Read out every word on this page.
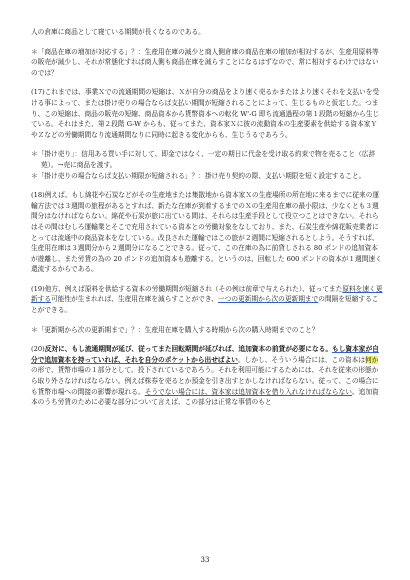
人の倉庫に商品として寝ている期間が長くなるのである。

＊「商品在庫の増加が対応する」？：生産用在庫の減少と商人側倉庫の商品在庫の増加が相対するが、生産用原料等の販売が減少し、それが常態化すれば商人側も商品在庫を減らすことになるはずなので、常に相対するわけではないのでは？

(17)これまでは、事業Ｘでの流通期間の短縮は、Ｘが自分の商品をより速く売るかまたはより速くそれを支払いを受ける事によって、または掛け売りの場合ならば支払い期間が短縮されることによって、生じるものと仮定した。つまり、この短縮は、商品の販売の短縮、商品資本から貨幣資本への転化 W'-G 即ち流通過程の第１段階の短縮から生じている。それはまた、第２段階 G-W からも、従ってまた、資本家Ｘに彼の流動資本の生産要素を供給する資本家ＹやＺなどの労働期間なり流通期間なりに同時に起きる変化からも、生じうるであろう。

＊「掛け売り」：信用ある買い手に対して、即金ではなく、一定の期日に代金を受け取る約束で物を売ること（広辞苑）。→売に商品を渡す。

＊「掛け売りの場合ならば支払い期限が短縮される」？：掛け売り契約の際、支払い期限を短く設定すること。

(18)例えば、もし綿花や石炭などがその生産地または集散地から資本家Ｘの生産場所の所在地に来るまでに従来の運輸方法では３週間の旅程があるとすれば、新たな在庫が到着するまでのＸの生産用在庫の最小限は、少なくとも３週間分はなければならない。綿花や石炭が旅に出ている間は、それらは生産手段として役立つことはできない。それらはその間はむしろ運輸業とそこで充用されている資本との労働対象をなしており、また、石炭生産や綿花販売業者にとっては流通中の商品資本をなしている。改良された運輸ではこの旅が２週間に短縮されるとしよう。そうすれば、生産用在庫は３週間分から２週間分になることできる。従って、この在庫の為に前貸しされる 80 ポンドの追加資本が遊離し、また労賃の為の 20 ポンドの追加資本も遊離する。というのは、回転した 600 ポンドの資本が１週間速く還流するからである。

(19)他方、例えば原料を供給する資本の労働期間が短縮され（その例は前章で与えられた）、従ってまた原料を速く更新する可能性が生まれれば、生産用在庫を減らすことができ、一つの更新期から次の更新期までの間隔を短縮することができる。

＊「更新期から次の更新期まで」？：生産用在庫を購入する時期から次の購入時期までのこと？

(20)反対に、もし流通期間が延び、従ってまた回転期間が延びれば、追加資本の前貸が必要になる。もし資本家が自分で追加資本を持っていれば、それを自分のポケットから出せばよい。しかし、そういう場合には、この資本は何かの形で、貨幣市場の１部分として、投下されているであろう。それを利用可能にするためには、それを従来の形態から取り外さなければならない。例えば株券を売るとか預金を引き出すとかしなければならない。従って、この場合にも貨幣市場への間接の影響が現れる。そうでない場合には、資本家は追加資本を借り入れなければならない。追加資本のうち労賃のために必要な部分について言えば、この部分は正常な事情のもと

33
